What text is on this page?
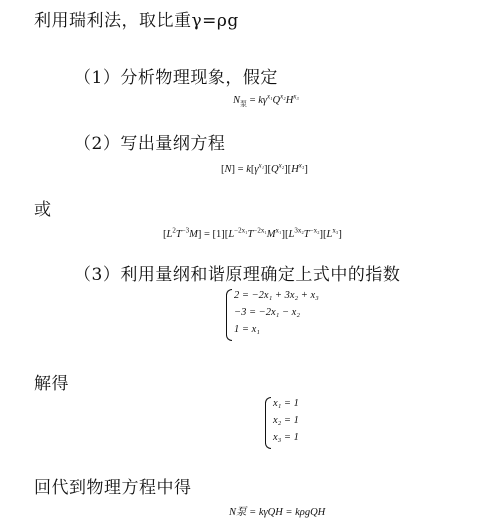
利用瑞利法，取比重γ=ρg
（1）分析物理现象，假定
$N_泵 = k\gamma^{x_1}Q^{x_2}H^{x_3}$
（2）写出量纲方程
$[N] = k[\gamma^{x_1}][Q^{x_2}][H^{x_3}]$
或
$[L^2T^{-3}M] = [1][L^{-2x_1}T^{-2x_1}M^{x_1}][L^{3x_2}T^{-x_2}][L^{x_3}]$
（3）利用量纲和谐原理确定上式中的指数
2 = −2x₁ + 3x₂ + x₃
−3 = −2x₁ − x₂
1 = x₁
解得
x₁ = 1
x₂ = 1
x₃ = 1
回代到物理方程中得
N泵 = kγQH = kρgQH
